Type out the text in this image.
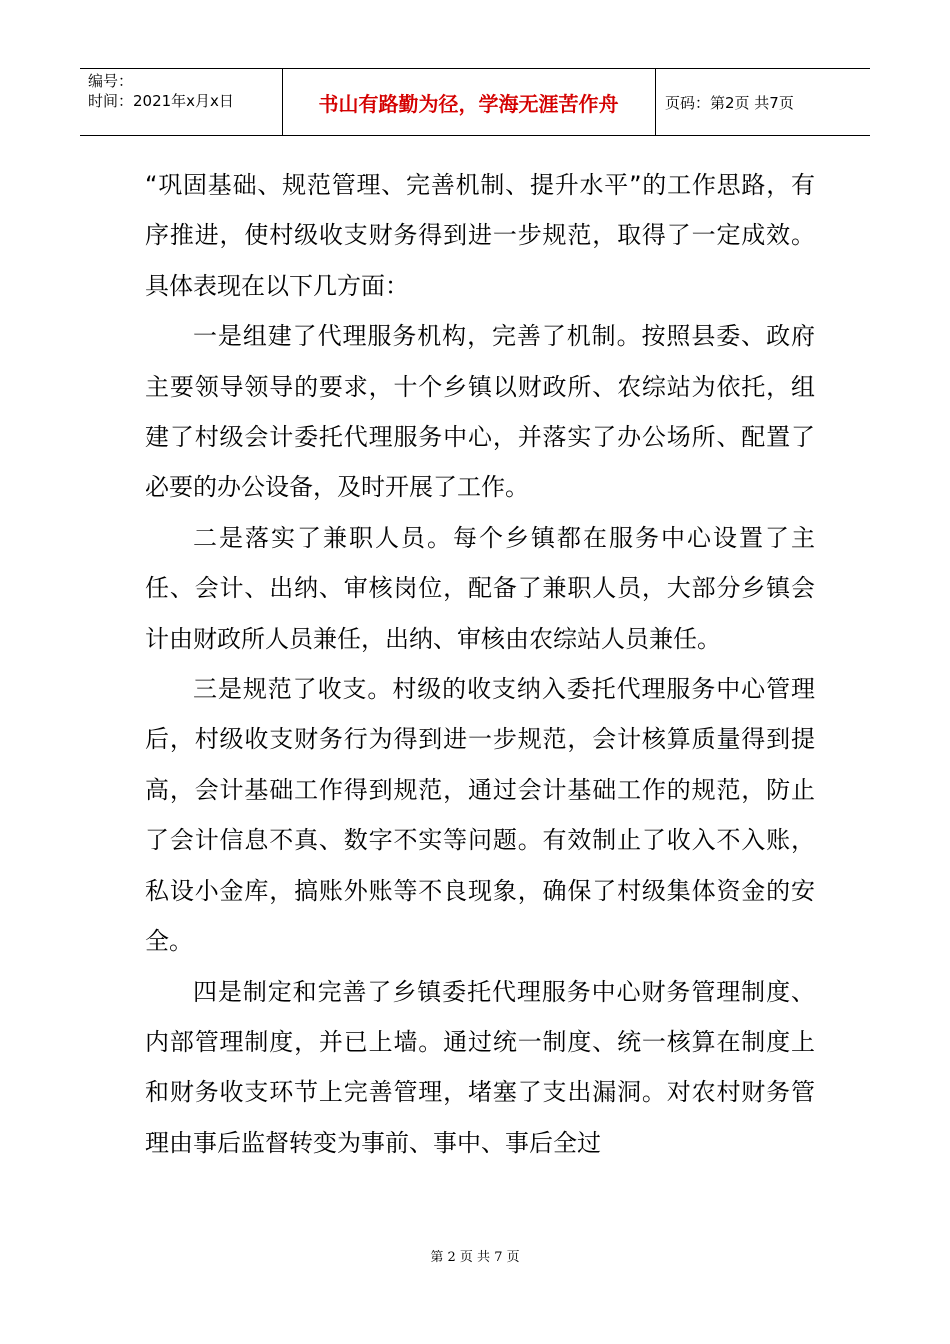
编号：
时间：2021年x月x日	书山有路勤为径，学海无涯苦作舟	页码：第2页 共7页

“巩固基础、规范管理、完善机制、提升水平”的工作思路，有序推进，使村级收支财务得到进一步规范，取得了一定成效。具体表现在以下几方面：

一是组建了代理服务机构，完善了机制。按照县委、政府主要领导领导的要求，十个乡镇以财政所、农综站为依托，组建了村级会计委托代理服务中心，并落实了办公场所、配置了必要的办公设备，及时开展了工作。

二是落实了兼职人员。每个乡镇都在服务中心设置了主任、会计、出纳、审核岗位，配备了兼职人员，大部分乡镇会计由财政所人员兼任，出纳、审核由农综站人员兼任。

三是规范了收支。村级的收支纳入委托代理服务中心管理后，村级收支财务行为得到进一步规范，会计核算质量得到提高，会计基础工作得到规范，通过会计基础工作的规范，防止了会计信息不真、数字不实等问题。有效制止了收入不入账，私设小金库，搞账外账等不良现象，确保了村级集体资金的安全。

四是制定和完善了乡镇委托代理服务中心财务管理制度、内部管理制度，并已上墙。通过统一制度、统一核算在制度上和财务收支环节上完善管理，堵塞了支出漏洞。对农村财务管理由事后监督转变为事前、事中、事后全过

第 2 页 共 7 页
